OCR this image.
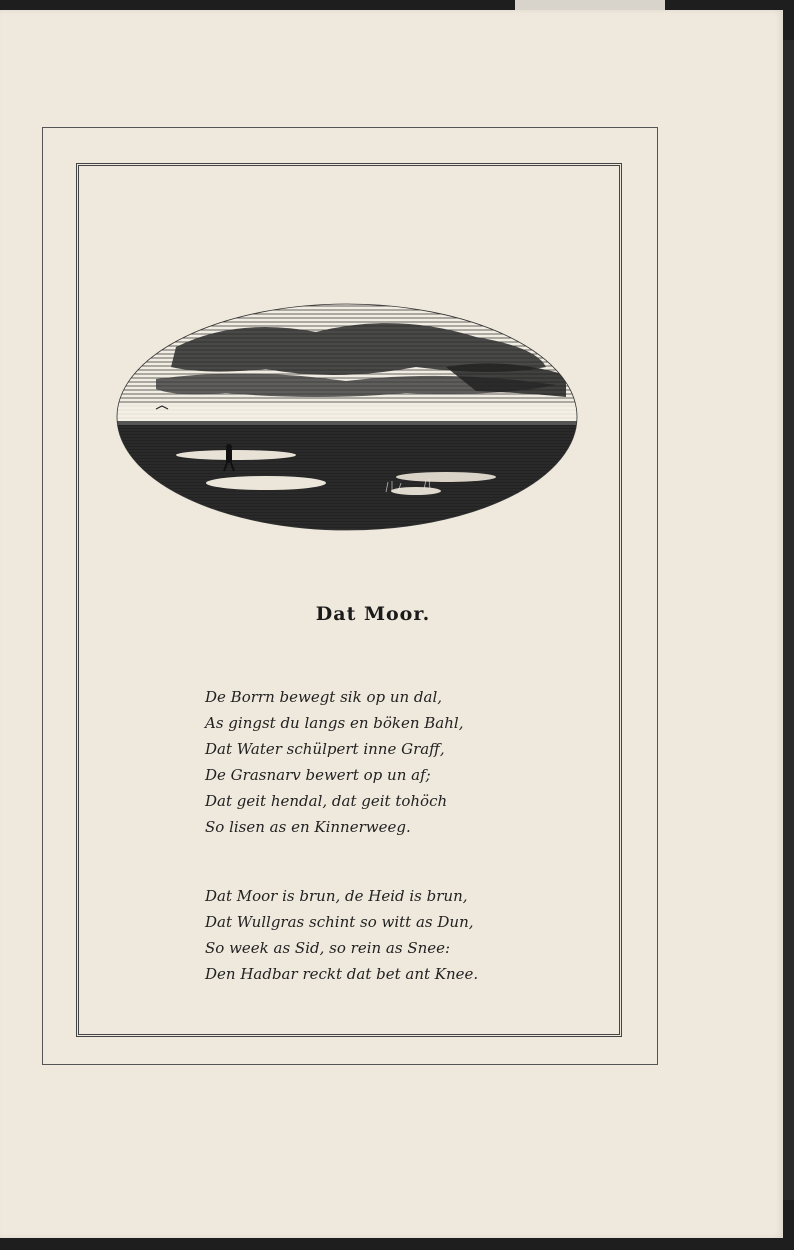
Dat Moor.
De Borrn bewegt sik op un dal,
As gingst du langs en böken Bahl,
Dat Water schülpert inne Graff,
De Grasnarv bewert op un af;
Dat geit hendal, dat geit tohöch
So lisen as en Kinnerweeg.
Dat Moor is brun, de Heid is brun,
Dat Wullgras schint so witt as Dun,
So week as Sid, so rein as Snee:
Den Hadbar reckt dat bet ant Knee.
